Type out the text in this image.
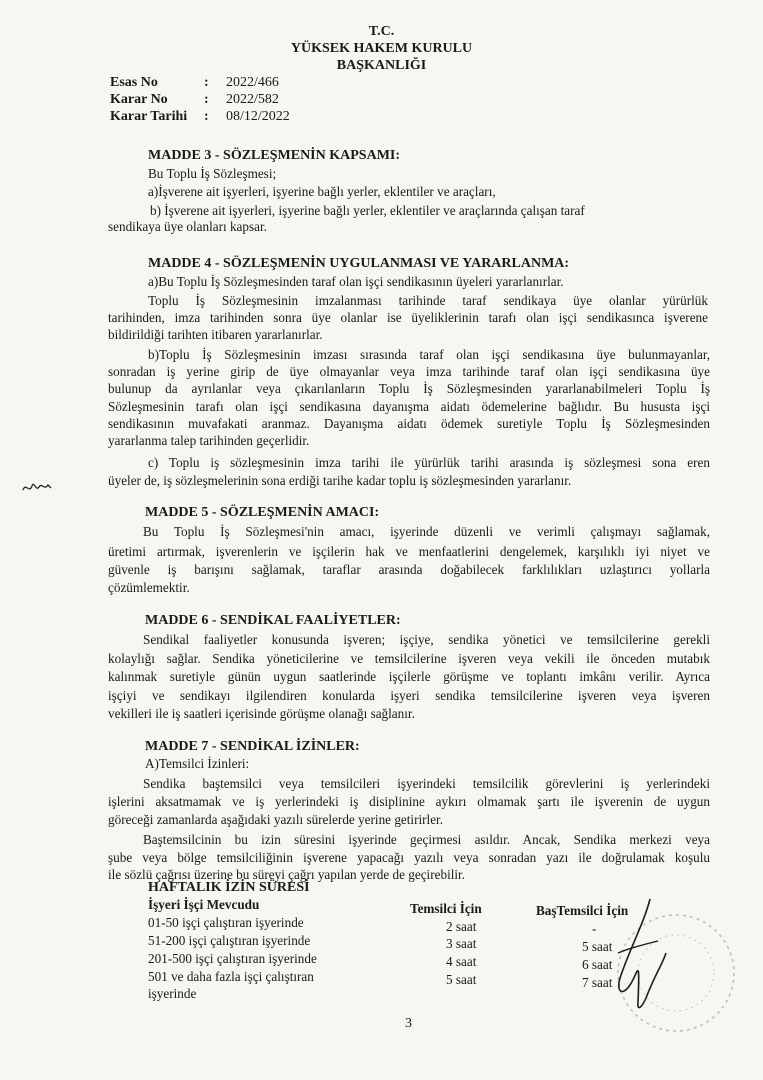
T.C.
YÜKSEK HAKEM KURULU
BAŞKANLIĞI
Esas No	:	2022/466
Karar No	:	2022/582
Karar Tarihi	:	08/12/2022
MADDE 3 - SÖZLEŞMENİN KAPSAMI:
Bu Toplu İş Sözleşmesi;
a)İşverene ait işyerleri, işyerine bağlı yerler, eklentiler ve araçları,
b) İşverene ait işyerleri, işyerine bağlı yerler, eklentiler ve araçlarında çalışan taraf
sendikaya üye olanları kapsar.
MADDE 4 - SÖZLEŞMENİN UYGULANMASI VE YARARLANMA:
a)Bu Toplu İş Sözleşmesinden taraf olan işçi sendikasının üyeleri yararlanırlar.
Toplu İş Sözleşmesinin imzalanması tarihinde taraf sendikaya üye olanlar yürürlük
tarihinden, imza tarihinden sonra üye olanlar ise üyeliklerinin tarafı olan işçi sendikasınca işverene
bildirildiği tarihten itibaren yararlanırlar.
b)Toplu İş Sözleşmesinin imzası sırasında taraf olan işçi sendikasına üye bulunmayanlar,
sonradan iş yerine girip de üye olmayanlar veya imza tarihinde taraf olan işçi sendikasına üye
bulunup da ayrılanlar veya çıkarılanların Toplu İş Sözleşmesinden yararlanabilmeleri Toplu İş
Sözleşmesinin tarafı olan işçi sendikasına dayanışma aidatı ödemelerine bağlıdır. Bu hususta işçi
sendikasının muvafakati aranmaz. Dayanışma aidatı ödemek suretiyle Toplu İş Sözleşmesinden
yararlanma talep tarihinden geçerlidir.
c) Toplu iş sözleşmesinin imza tarihi ile yürürlük tarihi arasında iş sözleşmesi sona eren
üyeler de, iş sözleşmelerinin sona erdiği tarihe kadar toplu iş sözleşmesinden yararlanır.
MADDE 5 - SÖZLEŞMENİN AMACI:
Bu Toplu İş Sözleşmesi'nin amacı, işyerinde düzenli ve verimli çalışmayı sağlamak,
üretimi artırmak, işverenlerin ve işçilerin hak ve menfaatlerini dengelemek, karşılıklı iyi niyet ve
güvenle iş barışını sağlamak, taraflar arasında doğabilecek farklılıkları uzlaştırıcı yollarla
çözümlemektir.
MADDE 6 - SENDİKAL FAALİYETLER:
Sendikal faaliyetler konusunda işveren; işçiye, sendika yönetici ve temsilcilerine gerekli
kolaylığı sağlar. Sendika yöneticilerine ve temsilcilerine işveren veya vekili ile önceden mutabık
kalınmak suretiyle günün uygun saatlerinde işçilerle görüşme ve toplantı imkânı verilir. Ayrıca
işçiyi ve sendikayı ilgilendiren konularda işyeri sendika temsilcilerine işveren veya işveren
vekilleri ile iş saatleri içerisinde görüşme olanağı sağlanır.
MADDE 7 - SENDİKAL İZİNLER:
A)Temsilci İzinleri:
Sendika baştemsilci veya temsilcileri işyerindeki temsilcilik görevlerini iş yerlerindeki
işlerini aksatmamak ve iş yerlerindeki iş disiplinine aykırı olmamak şartı ile işverenin de uygun
göreceği zamanlarda aşağıdaki yazılı sürelerde yerine getirirler.
Baştemsilcinin bu izin süresini işyerinde geçirmesi asıldır. Ancak, Sendika merkezi veya
şube veya bölge temsilciliğinin işverene yapacağı yazılı veya sonradan yazı ile doğrulamak koşulu
ile sözlü çağrısı üzerine bu süreyi çağrı yapılan yerde de geçirebilir.
HAFTALIK İZİN SÜRESİ
İşyeri İşçi Mevcudu	Temsilci İçin	BaşTemsilci İçin
01-50 işçi çalıştıran işyerinde	2 saat	-
51-200 işçi çalıştıran işyerinde	3 saat	5 saat
201-500 işçi çalıştıran işyerinde	4 saat	6 saat
501 ve daha fazla işçi çalıştıran	5 saat	7 saat
işyerinde
3
